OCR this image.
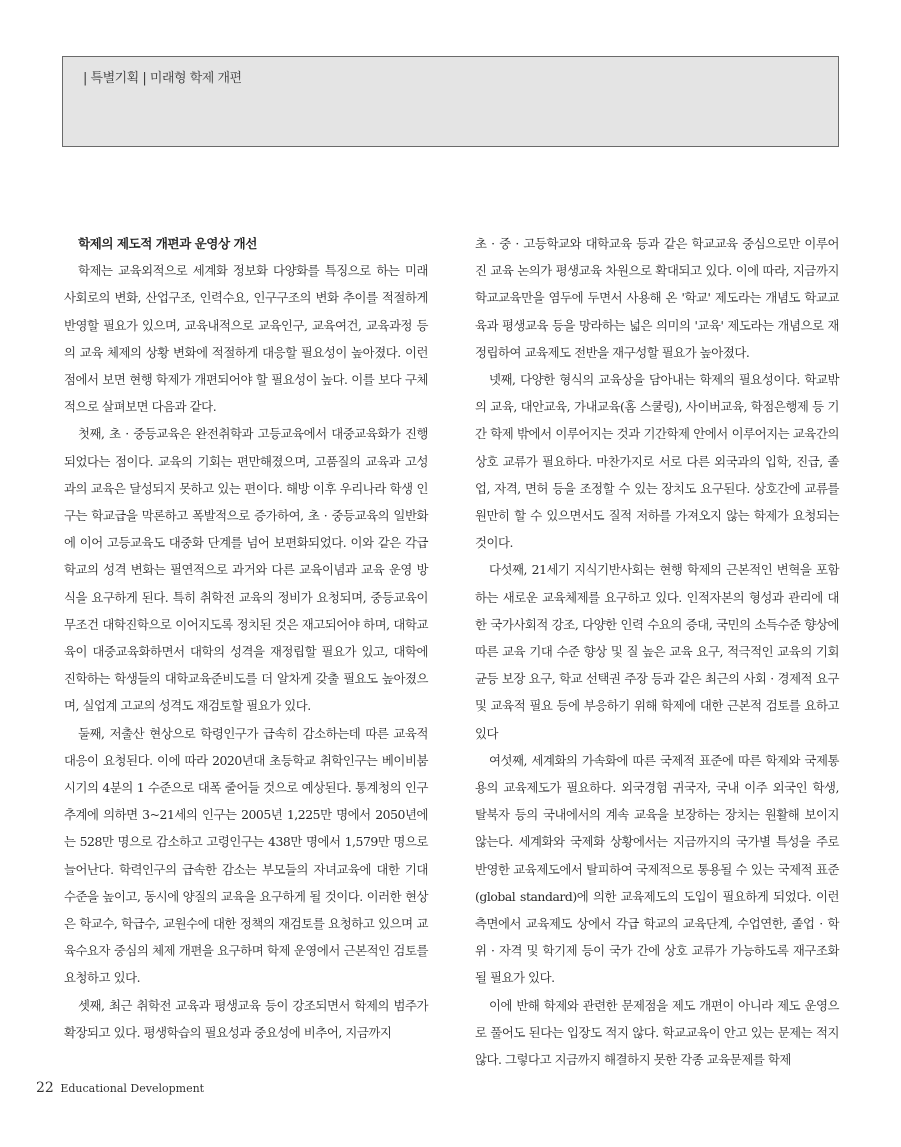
| 특별기획 | 미래형 학제 개편

학제의 제도적 개편과 운영상 개선

학제는 교육외적으로 세계화 정보화 다양화를 특징으로 하는 미래 사회로의 변화, 산업구조, 인력수요, 인구구조의 변화 추이를 적절하게 반영할 필요가 있으며, 교육내적으로 교육인구, 교육여건, 교육과정 등의 교육 체제의 상황 변화에 적절하게 대응할 필요성이 높아졌다. 이런 점에서 보면 현행 학제가 개편되어야 할 필요성이 높다. 이를 보다 구체적으로 살펴보면 다음과 같다.

첫째, 초 · 중등교육은 완전취학과 고등교육에서 대중교육화가 진행되었다는 점이다. 교육의 기회는 편만해졌으며, 고품질의 교육과 고성과의 교육은 달성되지 못하고 있는 편이다. 해방 이후 우리나라 학생 인구는 학교급을 막론하고 폭발적으로 증가하여, 초 · 중등교육의 일반화에 이어 고등교육도 대중화 단계를 넘어 보편화되었다. 이와 같은 각급 학교의 성격 변화는 필연적으로 과거와 다른 교육이념과 교육 운영 방식을 요구하게 된다. 특히 취학전 교육의 정비가 요청되며, 중등교육이 무조건 대학진학으로 이어지도록 정치된 것은 재고되어야 하며, 대학교육이 대중교육화하면서 대학의 성격을 재정립할 필요가 있고, 대학에 진학하는 학생들의 대학교육준비도를 더 알차게 갖출 필요도 높아졌으며, 실업계 고교의 성격도 재검토할 필요가 있다.

둘째, 저출산 현상으로 학령인구가 급속히 감소하는데 따른 교육적 대응이 요청된다. 이에 따라 2020년대 초등학교 취학인구는 베이비붐 시기의 4분의 1 수준으로 대폭 줄어들 것으로 예상된다. 통계청의 인구추계에 의하면 3~21세의 인구는 2005년 1,225만 명에서 2050년에는 528만 명으로 감소하고 고령인구는 438만 명에서 1,579만 명으로 늘어난다. 학력인구의 급속한 감소는 부모들의 자녀교육에 대한 기대 수준을 높이고, 동시에 양질의 교육을 요구하게 될 것이다. 이러한 현상은 학교수, 학급수, 교원수에 대한 정책의 재검토를 요청하고 있으며 교육수요자 중심의 체제 개편을 요구하며 학제 운영에서 근본적인 검토를 요청하고 있다.

셋째, 최근 취학전 교육과 평생교육 등이 강조되면서 학제의 범주가 확장되고 있다. 평생학습의 필요성과 중요성에 비추어, 지금까지

초 · 중 · 고등학교와 대학교육 등과 같은 학교교육 중심으로만 이루어진 교육 논의가 평생교육 차원으로 확대되고 있다. 이에 따라, 지금까지 학교교육만을 염두에 두면서 사용해 온 '학교' 제도라는 개념도 학교교육과 평생교육 등을 망라하는 넓은 의미의 '교육' 제도라는 개념으로 재정립하여 교육제도 전반을 재구성할 필요가 높아졌다.

넷째, 다양한 형식의 교육상을 담아내는 학제의 필요성이다. 학교밖의 교육, 대안교육, 가내교육(홈 스쿨링), 사이버교육, 학점은행제 등 기간 학제 밖에서 이루어지는 것과 기간학제 안에서 이루어지는 교육간의 상호 교류가 필요하다. 마찬가지로 서로 다른 외국과의 입학, 진급, 졸업, 자격, 면허 등을 조정할 수 있는 장치도 요구된다. 상호간에 교류를 원만히 할 수 있으면서도 질적 저하를 가져오지 않는 학제가 요청되는 것이다.

다섯째, 21세기 지식기반사회는 현행 학제의 근본적인 변혁을 포함하는 새로운 교육체제를 요구하고 있다. 인적자본의 형성과 관리에 대한 국가사회적 강조, 다양한 인력 수요의 증대, 국민의 소득수준 향상에 따른 교육 기대 수준 향상 및 질 높은 교육 요구, 적극적인 교육의 기회균등 보장 요구, 학교 선택권 주장 등과 같은 최근의 사회 · 경제적 요구 및 교육적 필요 등에 부응하기 위해 학제에 대한 근본적 검토를 요하고 있다

여섯째, 세계화의 가속화에 따른 국제적 표준에 따른 학제와 국제통용의 교육제도가 필요하다. 외국경험 귀국자, 국내 이주 외국인 학생, 탈북자 등의 국내에서의 계속 교육을 보장하는 장치는 원활해 보이지 않는다. 세계화와 국제화 상황에서는 지금까지의 국가별 특성을 주로 반영한 교육제도에서 탈피하여 국제적으로 통용될 수 있는 국제적 표준(global standard)에 의한 교육제도의 도입이 필요하게 되었다. 이런 측면에서 교육제도 상에서 각급 학교의 교육단계, 수업연한, 졸업 · 학위 · 자격 및 학기제 등이 국가 간에 상호 교류가 가능하도록 재구조화될 필요가 있다.

이에 반해 학제와 관련한 문제점을 제도 개편이 아니라 제도 운영으로 풀어도 된다는 입장도 적지 않다. 학교교육이 안고 있는 문제는 적지 않다. 그렇다고 지금까지 해결하지 못한 각종 교육문제를 학제

22 Educational Development
